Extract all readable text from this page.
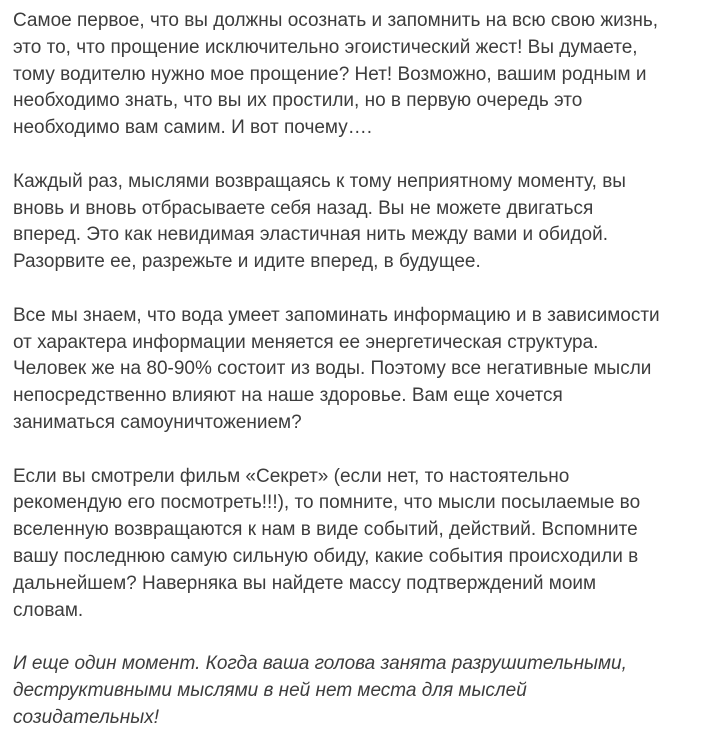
Самое первое, что вы должны осознать и запомнить на всю свою жизнь,
это то, что прощение исключительно эгоистический жест! Вы думаете,
тому водителю нужно мое прощение? Нет! Возможно, вашим родным и
необходимо знать, что вы их простили, но в первую очередь это
необходимо вам самим. И вот почему….

Каждый раз, мыслями возвращаясь к тому неприятному моменту, вы
вновь и вновь отбрасываете себя назад. Вы не можете двигаться
вперед. Это как невидимая эластичная нить между вами и обидой.
Разорвите ее, разрежьте и идите вперед, в будущее.

Все мы знаем, что вода умеет запоминать информацию и в зависимости
от характера информации меняется ее энергетическая структура.
Человек же на 80-90% состоит из воды. Поэтому все негативные мысли
непосредственно влияют на наше здоровье. Вам еще хочется
заниматься самоуничтожением?

Если вы смотрели фильм «Секрет» (если нет, то настоятельно
рекомендую его посмотреть!!!), то помните, что мысли посылаемые во
вселенную возвращаются к нам в виде событий, действий. Вспомните
вашу последнюю самую сильную обиду, какие события происходили в
дальнейшем? Наверняка вы найдете массу подтверждений моим
словам.

И еще один момент. Когда ваша голова занята разрушительными,
деструктивными мыслями в ней нет места для мыслей
созидательных!
